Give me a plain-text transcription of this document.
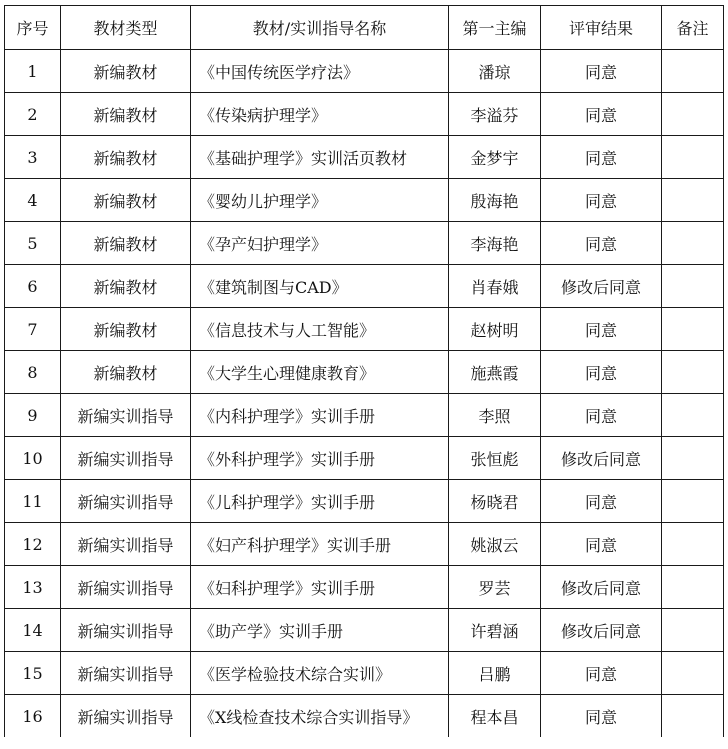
序号	教材类型	教材/实训指导名称	第一主编	评审结果	备注
1	新编教材	《中国传统医学疗法》	潘琼	同意	
2	新编教材	《传染病护理学》	李溢芬	同意	
3	新编教材	《基础护理学》实训活页教材	金梦宇	同意	
4	新编教材	《婴幼儿护理学》	殷海艳	同意	
5	新编教材	《孕产妇护理学》	李海艳	同意	
6	新编教材	《建筑制图与CAD》	肖春娥	修改后同意	
7	新编教材	《信息技术与人工智能》	赵树明	同意	
8	新编教材	《大学生心理健康教育》	施燕霞	同意	
9	新编实训指导	《内科护理学》实训手册	李照	同意	
10	新编实训指导	《外科护理学》实训手册	张恒彪	修改后同意	
11	新编实训指导	《儿科护理学》实训手册	杨晓君	同意	
12	新编实训指导	《妇产科护理学》实训手册	姚淑云	同意	
13	新编实训指导	《妇科护理学》实训手册	罗芸	修改后同意	
14	新编实训指导	《助产学》实训手册	许碧涵	修改后同意	
15	新编实训指导	《医学检验技术综合实训》	吕鹏	同意	
16	新编实训指导	《X线检查技术综合实训指导》	程本昌	同意	
